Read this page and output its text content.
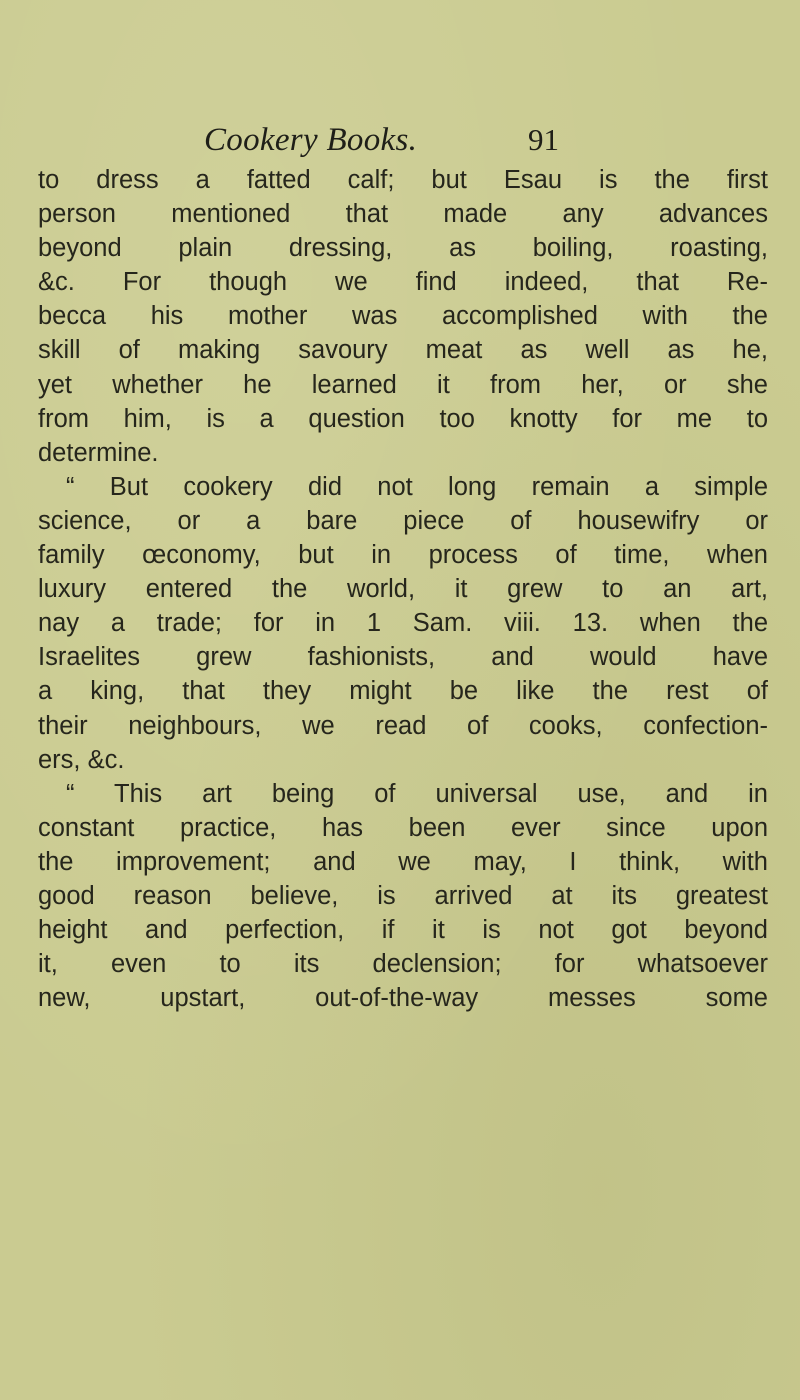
Cookery Books.	91
to dress a fatted calf; but Esau is the first
person mentioned that made any advances
beyond plain dressing, as boiling, roasting,
&c. For though we find indeed, that Re-
becca his mother was accomplished with the
skill of making savoury meat as well as he,
yet whether he learned it from her, or she
from him, is a question too knotty for me to
determine.
“ But cookery did not long remain a simple
science, or a bare piece of housewifry or
family œconomy, but in process of time, when
luxury entered the world, it grew to an art,
nay a trade; for in 1 Sam. viii. 13. when the
Israelites grew fashionists, and would have
a king, that they might be like the rest of
their neighbours, we read of cooks, confection-
ers, &c.
“ This art being of universal use, and in
constant practice, has been ever since upon
the improvement; and we may, I think, with
good reason believe, is arrived at its greatest
height and perfection, if it is not got beyond
it, even to its declension; for whatsoever
new, upstart, out-of-the-way messes some
